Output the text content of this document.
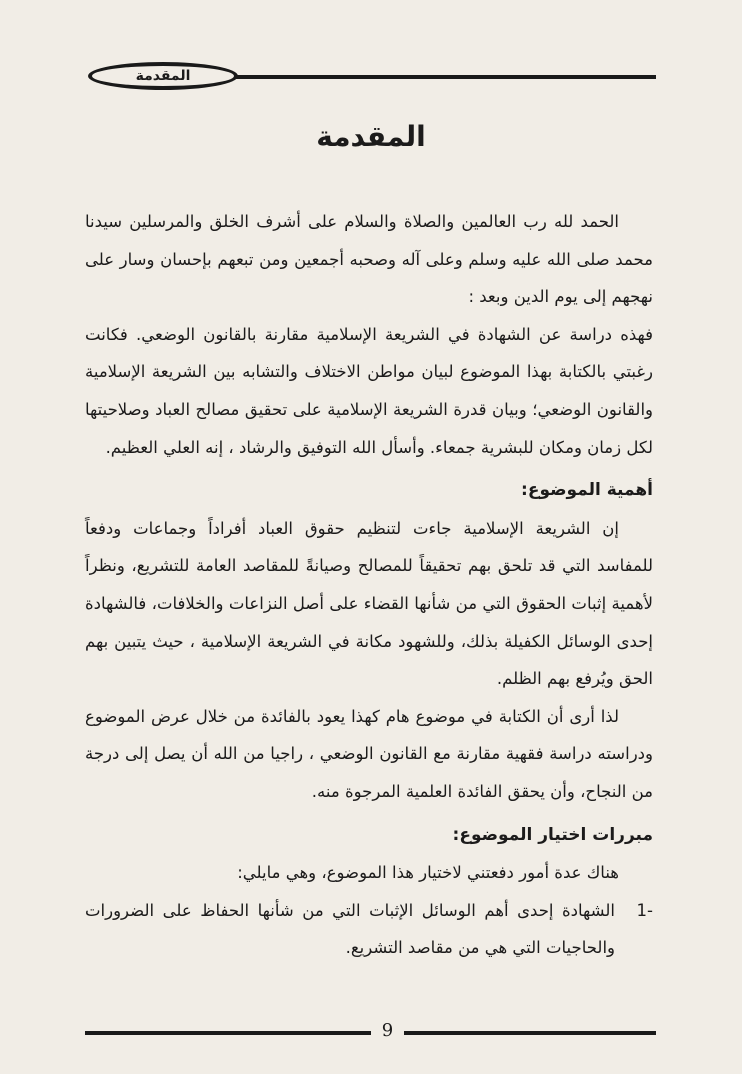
المقدمة
المقدمة

الحمد لله رب العالمين والصلاة والسلام على أشرف الخلق والمرسلين سيدنا محمد صلى الله عليه وسلم وعلى آله وصحبه أجمعين ومن تبعهم بإحسان وسار على نهجهم إلى يوم الدين وبعد :

فهذه دراسة عن الشهادة في الشريعة الإسلامية مقارنة بالقانون الوضعي. فكانت رغبتي بالكتابة بهذا الموضوع لبيان مواطن الاختلاف والتشابه بين الشريعة الإسلامية والقانون الوضعي؛ وبيان قدرة الشريعة الإسلامية على تحقيق مصالح العباد وصلاحيتها لكل زمان ومكان للبشرية جمعاء. وأسأل الله التوفيق والرشاد ، إنه العلي العظيم.

أهمية الموضوع:

إن الشريعة الإسلامية جاءت لتنظيم حقوق العباد أفراداً وجماعات ودفعاً للمفاسد التي قد تلحق بهم تحقيقاً للمصالح وصيانةً للمقاصد العامة للتشريع، ونظراً لأهمية إثبات الحقوق التي من شأنها القضاء على أصل النزاعات والخلافات، فالشهادة إحدى الوسائل الكفيلة بذلك، وللشهود مكانة في الشريعة الإسلامية ، حيث يتبين بهم الحق ويُرفع بهم الظلم.

لذا أرى أن الكتابة في موضوع هام كهذا يعود بالفائدة من خلال عرض الموضوع ودراسته دراسة فقهية مقارنة مع القانون الوضعي ، راجيا من الله أن يصل إلى درجة من النجاح، وأن يحقق الفائدة العلمية المرجوة منه.

مبررات اختيار الموضوع:

هناك عدة أمور دفعتني لاختيار هذا الموضوع، وهي مايلي:

-1
الشهادة إحدى أهم الوسائل الإثبات التي من شأنها الحفاظ على الضرورات والحاجيات التي هي من مقاصد التشريع.
9
